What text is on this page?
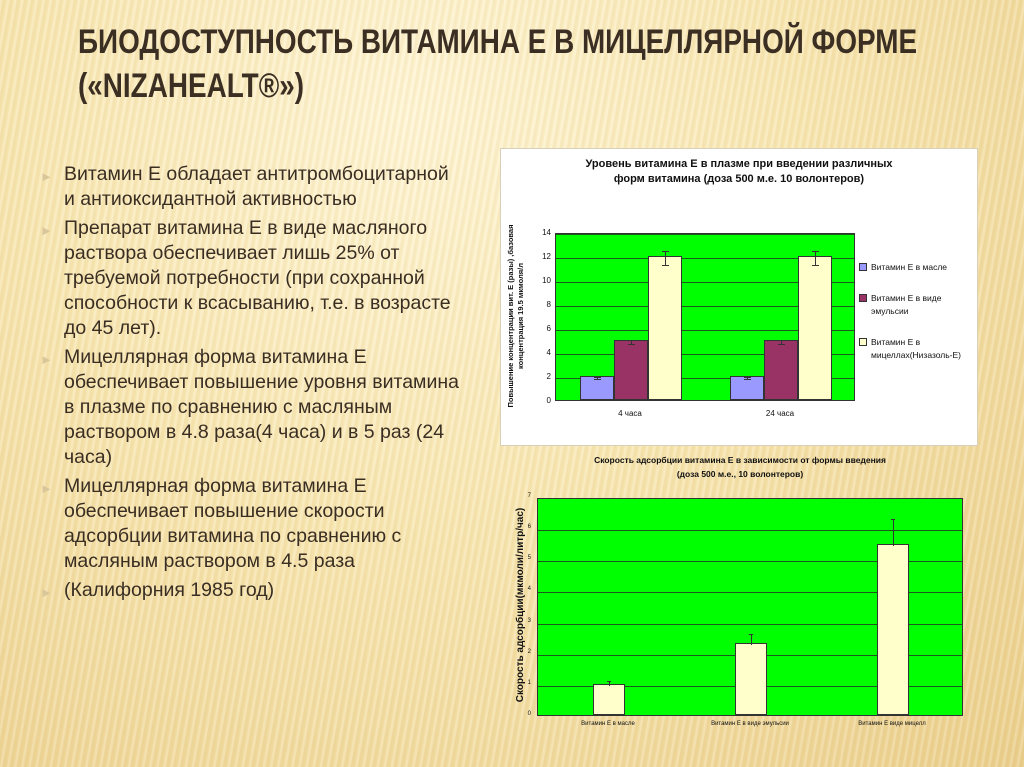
БИОДОСТУПНОСТЬ ВИТАМИНА Е В МИЦЕЛЛЯРНОЙ ФОРМЕ («NIZAHEALT®»)
► Витамин Е обладает антитромбоцитарной и антиоксидантной активностью
► Препарат витамина Е в виде масляного раствора обеспечивает лишь 25% от требуемой потребности (при сохранной способности к всасыванию, т.е. в возрасте до 45 лет).
► Мицеллярная форма витамина Е обеспечивает повышение уровня витамина в плазме по сравнению с масляным раствором в 4.8 раза(4 часа) и в 5 раз (24 часа)
► Мицеллярная форма витамина Е обеспечивает повышение скорости адсорбции витамина по сравнению с масляным раствором в 4.5 раза
► (Калифорния 1985 год)
Уровень витамина Е в плазме при введении различных
форм витамина (доза 500 м.е. 10 волонтеров)
Повышение концентрации вит. Е (разы) ,базовая концентрация 19.5 мкмоля/л
0
2
4
6
8
10
12
14
4 часа	24 часа
Витамин Е в масле
Витамин Е в виде эмульсии
Витамин Е в мицеллах(Низазоль-Е)
Скорость адсорбции витамина Е в зависимости от формы введения
(доза 500 м.е., 10 волонтеров)
Скорость адсорбции(мкмоли/литр/час)
0
1
2
3
4
5
6
7
Витамин Е в масле	Витамин Е в виде эмульсии	Витамин Е виде мицелл
